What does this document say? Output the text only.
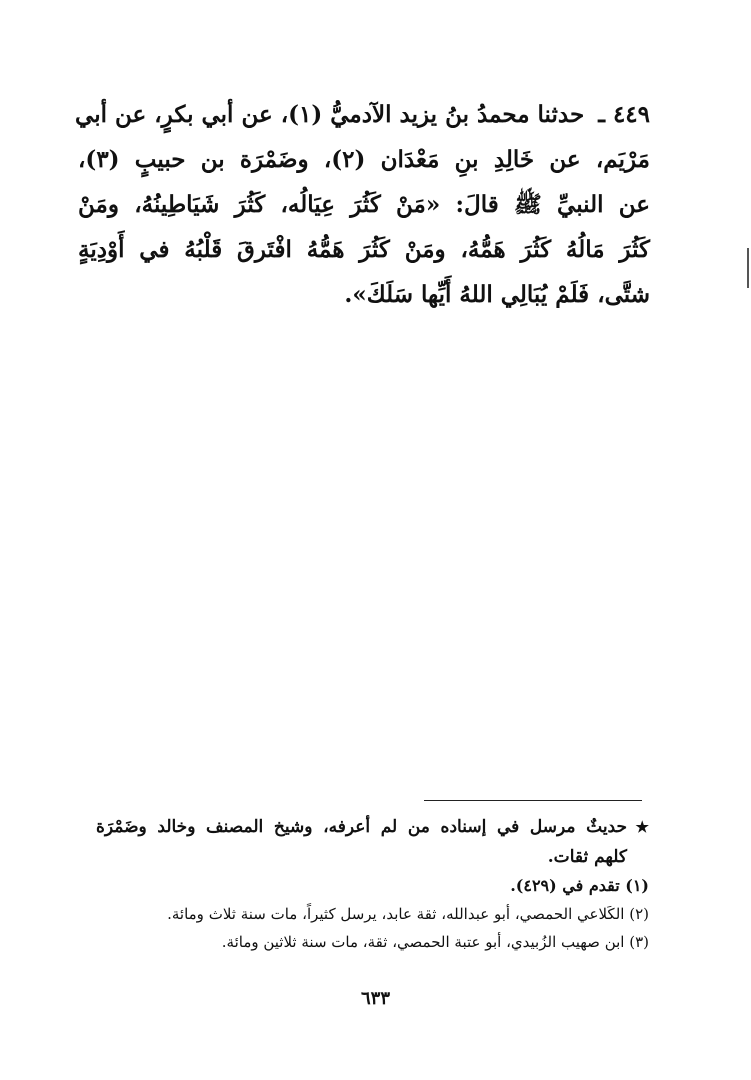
٤٤٩ ـ حدثنا محمدُ بنُ يزيد الآدميُّ (١)، عن أبي بكرٍ، عن أبي
مَرْيَم، عن خَالِدِ بنِ مَعْدَان (٢)، وضَمْرَة بن حبيبٍ (٣)،
عن النبيِّ ﷺ قالَ: «مَنْ كَثُرَ عِيَالُه، كَثُرَ شَيَاطِينُهُ، ومَنْ
كَثُرَ مَالُهُ كَثُرَ هَمُّهُ، ومَنْ كَثُرَ هَمُّهُ افْتَرقَ قَلْبُهُ في أَوْدِيَةٍ
شتَّى، فَلَمْ يُبَالِي اللهُ أَيِّها سَلَكَ».
★
حديثٌ مرسل في إسناده من لم أعرفه، وشيخ المصنف وخالد وضَمْرَة
كلهم ثقات.
(١) تقدم في (٤٢٩).
(٢) الكَلاعي الحمصي، أبو عبدالله، ثقة عابد، يرسل كثيراً، مات سنة ثلاث ومائة.
(٣) ابن صهيب الزُبيدي، أبو عتبة الحمصي، ثقة، مات سنة ثلاثين ومائة.
٦٣٣
